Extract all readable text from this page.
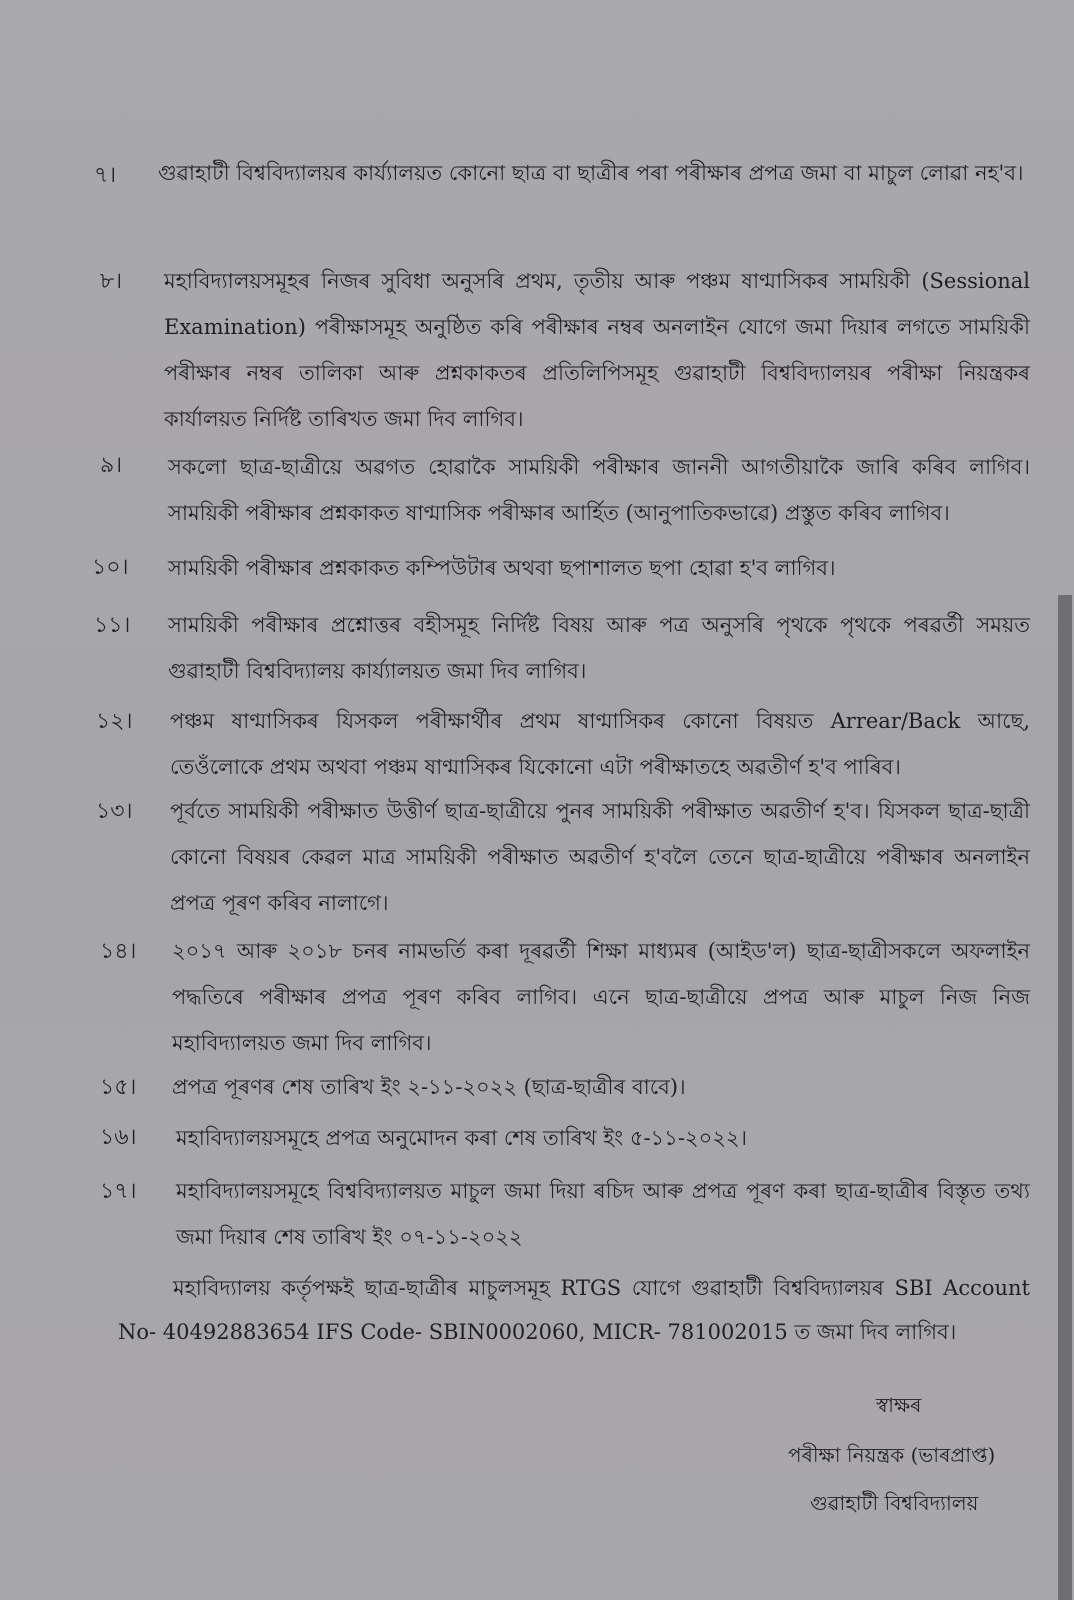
৭। গুৱাহাটী বিশ্ববিদ্যালয়ৰ কাৰ্য্যালয়ত কোনো ছাত্ৰ বা ছাত্ৰীৰ পৰা পৰীক্ষাৰ প্ৰপত্ৰ জমা বা মাচুল লোৱা নহ'ব।
৮। মহাবিদ্যালয়সমূহৰ নিজৰ সুবিধা অনুসৰি প্ৰথম, তৃতীয় আৰু পঞ্চম ষাণ্মাসিকৰ সাময়িকী (Sessional Examination) পৰীক্ষাসমূহ অনুষ্ঠিত কৰি পৰীক্ষাৰ নম্বৰ অনলাইন যোগে জমা দিয়াৰ লগতে সাময়িকী পৰীক্ষাৰ নম্বৰ তালিকা আৰু প্ৰশ্নকাকতৰ প্ৰতিলিপিসমূহ গুৱাহাটী বিশ্ববিদ্যালয়ৰ পৰীক্ষা নিয়ন্ত্ৰকৰ কাৰ্যালয়ত নিৰ্দিষ্ট তাৰিখত জমা দিব লাগিব।
৯। সকলো ছাত্ৰ-ছাত্ৰীয়ে অৱগত হোৱাকৈ সাময়িকী পৰীক্ষাৰ জাননী আগতীয়াকৈ জাৰি কৰিব লাগিব। সাময়িকী পৰীক্ষাৰ প্ৰশ্নকাকত ষাণ্মাসিক পৰীক্ষাৰ আৰ্হিত (আনুপাতিকভাৱে) প্ৰস্তুত কৰিব লাগিব।
১০। সাময়িকী পৰীক্ষাৰ প্ৰশ্নকাকত কম্পিউটাৰ অথবা ছপাশালত ছপা হোৱা হ'ব লাগিব।
১১। সাময়িকী পৰীক্ষাৰ প্ৰশ্নোত্তৰ বহীসমূহ নিৰ্দিষ্ট বিষয় আৰু পত্ৰ অনুসৰি পৃথকে পৃথকে পৰৱৰ্তী সময়ত গুৱাহাটী বিশ্ববিদ্যালয় কাৰ্য্যালয়ত জমা দিব লাগিব।
১২। পঞ্চম ষাণ্মাসিকৰ যিসকল পৰীক্ষাৰ্থীৰ প্ৰথম ষাণ্মাসিকৰ কোনো বিষয়ত Arrear/Back আছে, তেওঁলোকে প্ৰথম অথবা পঞ্চম ষাণ্মাসিকৰ যিকোনো এটা পৰীক্ষাতহে অৱতীৰ্ণ হ'ব পাৰিব।
১৩। পূৰ্বতে সাময়িকী পৰীক্ষাত উত্তীৰ্ণ ছাত্ৰ-ছাত্ৰীয়ে পুনৰ সাময়িকী পৰীক্ষাত অৱতীৰ্ণ হ'ব। যিসকল ছাত্ৰ-ছাত্ৰী কোনো বিষয়ৰ কেৱল মাত্ৰ সাময়িকী পৰীক্ষাত অৱতীৰ্ণ হ'বলৈ তেনে ছাত্ৰ-ছাত্ৰীয়ে পৰীক্ষাৰ অনলাইন প্ৰপত্ৰ পূৰণ কৰিব নালাগে।
১৪। ২০১৭ আৰু ২০১৮ চনৰ নামভৰ্তি কৰা দূৰৱৰ্তী শিক্ষা মাধ্যমৰ (আইড'ল) ছাত্ৰ-ছাত্ৰীসকলে অফলাইন পদ্ধতিৰে পৰীক্ষাৰ প্ৰপত্ৰ পূৰণ কৰিব লাগিব। এনে ছাত্ৰ-ছাত্ৰীয়ে প্ৰপত্ৰ আৰু মাচুল নিজ নিজ মহাবিদ্যালয়ত জমা দিব লাগিব।
১৫। প্ৰপত্ৰ পূৰণৰ শেষ তাৰিখ ইং ২-১১-২০২২ (ছাত্ৰ-ছাত্ৰীৰ বাবে)।
১৬। মহাবিদ্যালয়সমূহে প্ৰপত্ৰ অনুমোদন কৰা শেষ তাৰিখ ইং ৫-১১-২০২২।
১৭। মহাবিদ্যালয়সমূহে বিশ্ববিদ্যালয়ত মাচুল জমা দিয়া ৰচিদ আৰু প্ৰপত্ৰ পূৰণ কৰা ছাত্ৰ-ছাত্ৰীৰ বিস্তৃত তথ্য জমা দিয়াৰ শেষ তাৰিখ ইং ০৭-১১-২০২২
মহাবিদ্যালয় কৰ্তৃপক্ষই ছাত্ৰ-ছাত্ৰীৰ মাচুলসমূহ RTGS যোগে গুৱাহাটী বিশ্ববিদ্যালয়ৰ SBI Account No- 40492883654 IFS Code- SBIN0002060, MICR- 781002015 ত জমা দিব লাগিব।
স্বাক্ষৰ
পৰীক্ষা নিয়ন্ত্ৰক (ভাৰপ্ৰাপ্ত)
গুৱাহাটী বিশ্ববিদ্যালয়
